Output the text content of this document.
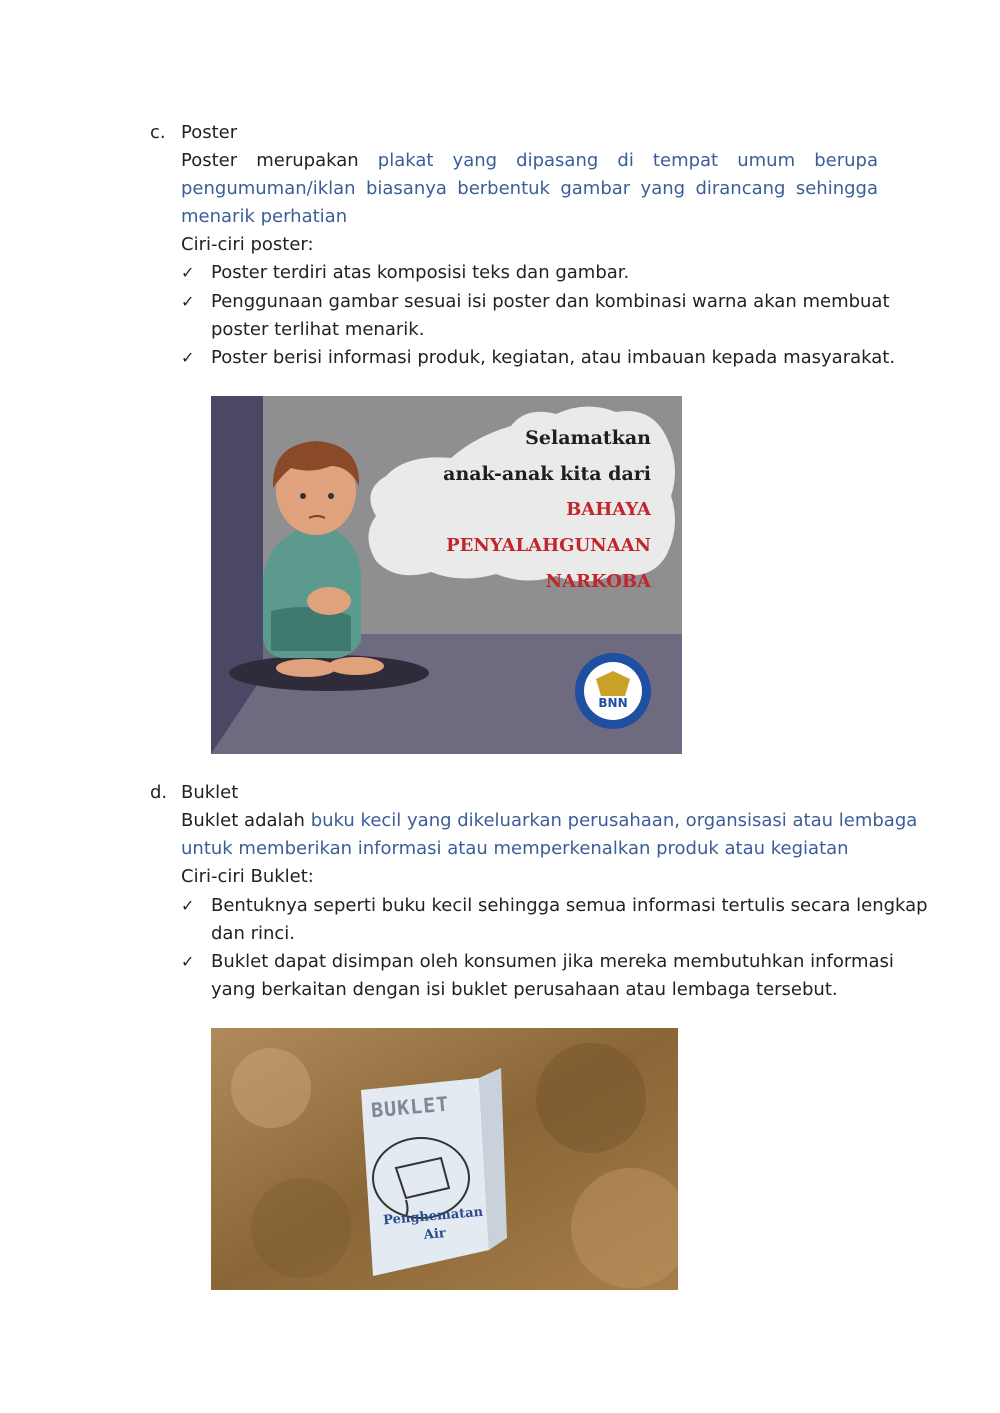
c. Poster
Poster merupakan plakat yang dipasang di tempat umum berupa
pengumuman/iklan biasanya berbentuk gambar yang dirancang sehingga
menarik perhatian
Ciri-ciri poster:
✓ Poster terdiri atas komposisi teks dan gambar.
✓ Penggunaan gambar sesuai isi poster dan kombinasi warna akan membuat
poster terlihat menarik.
✓ Poster berisi informasi produk, kegiatan, atau imbauan kepada masyarakat.
Selamatkan
anak-anak kita dari
BAHAYA PENYALAHGUNAAN
NARKOBA
BNN
d. Buklet
Buklet adalah buku kecil yang dikeluarkan perusahaan, organsisasi atau lembaga
untuk memberikan informasi atau memperkenalkan produk atau kegiatan
Ciri-ciri Buklet:
✓ Bentuknya seperti buku kecil sehingga semua informasi tertulis secara lengkap
dan rinci.
✓ Buklet dapat disimpan oleh konsumen jika mereka membutuhkan informasi
yang berkaitan dengan isi buklet perusahaan atau lembaga tersebut.
BUKLET
Penghematan
Air
